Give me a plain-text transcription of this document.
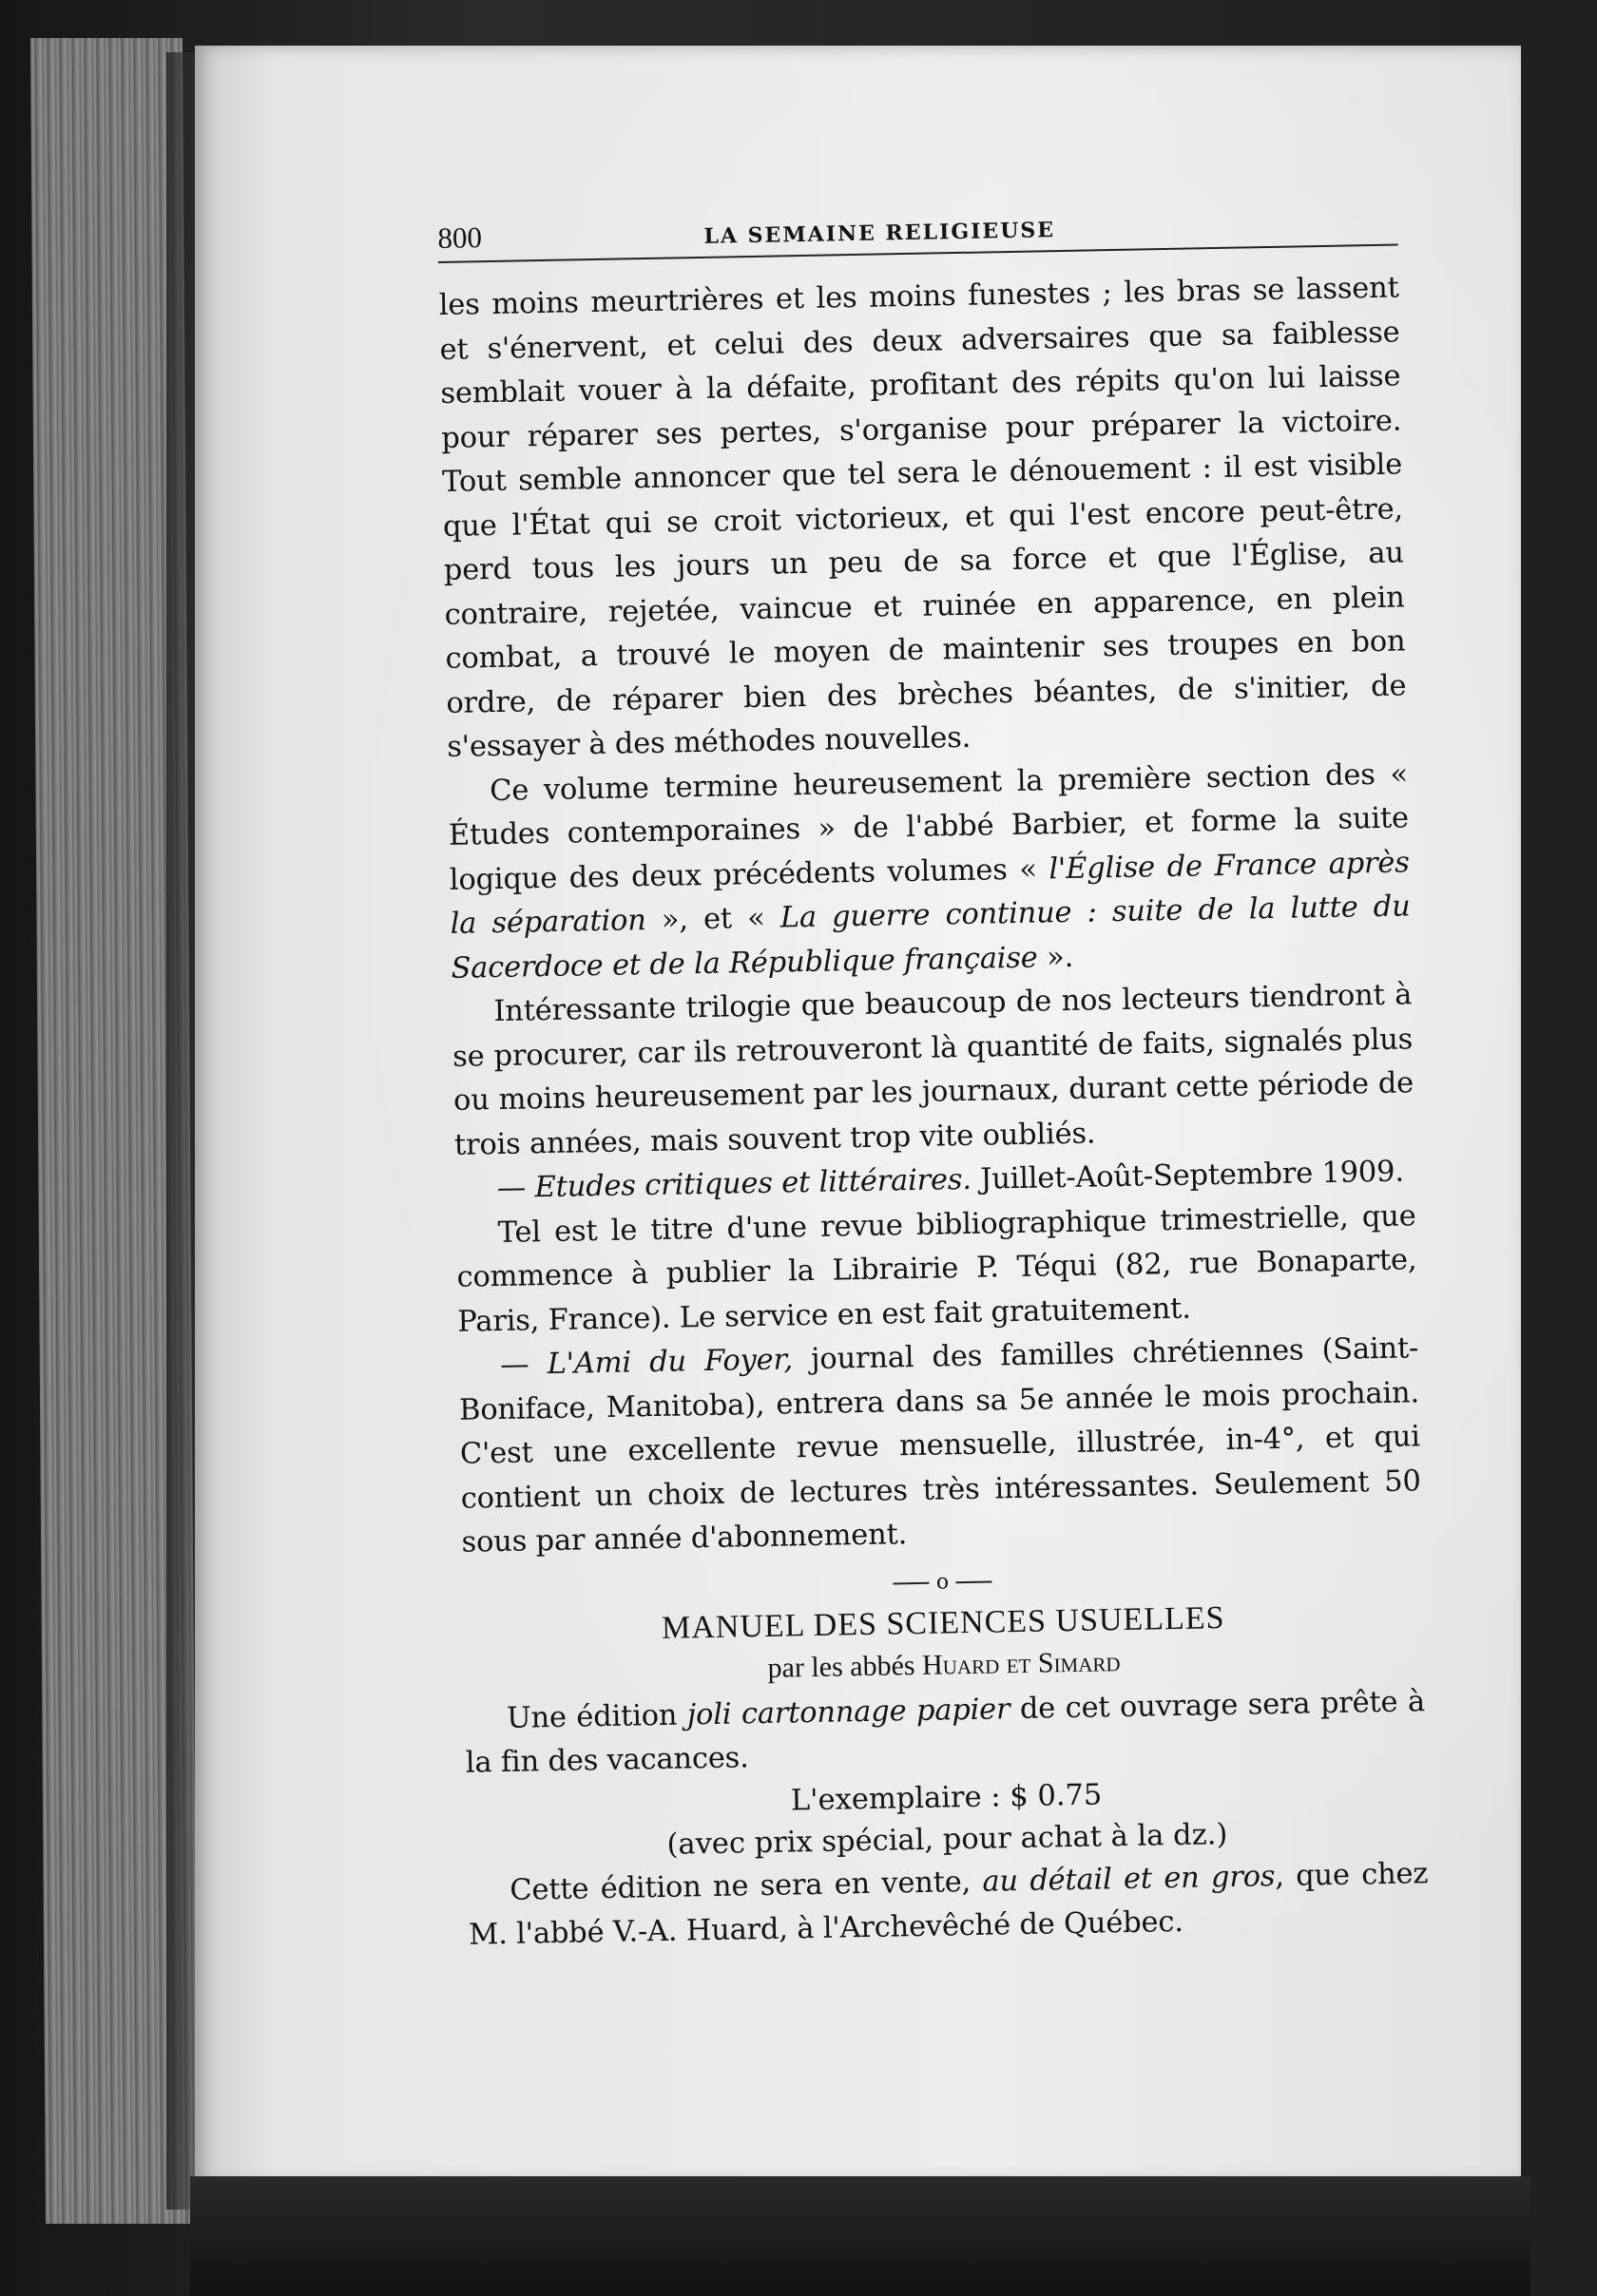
800	LA SEMAINE RELIGIEUSE

les moins meurtrières et les moins funestes ; les bras se lassent et s'énervent, et celui des deux adversaires que sa faiblesse semblait vouer à la défaite, profitant des répits qu'on lui laisse pour réparer ses pertes, s'organise pour préparer la victoire. Tout semble annoncer que tel sera le dénouement : il est visible que l'État qui se croit victorieux, et qui l'est encore peut-être, perd tous les jours un peu de sa force et que l'Église, au contraire, rejetée, vaincue et ruinée en apparence, en plein combat, a trouvé le moyen de maintenir ses troupes en bon ordre, de réparer bien des brèches béantes, de s'initier, de s'essayer à des méthodes nouvelles.

Ce volume termine heureusement la première section des « Études contemporaines » de l'abbé Barbier, et forme la suite logique des deux précédents volumes « l'Église de France après la séparation », et « La guerre continue : suite de la lutte du Sacerdoce et de la République française ».

Intéressante trilogie que beaucoup de nos lecteurs tiendront à se procurer, car ils retrouveront là quantité de faits, signalés plus ou moins heureusement par les journaux, durant cette période de trois années, mais souvent trop vite oubliés.

— Etudes critiques et littéraires. Juillet-Août-Septembre 1909.

Tel est le titre d'une revue bibliographique trimestrielle, que commence à publier la Librairie P. Téqui (82, rue Bonaparte, Paris, France). Le service en est fait gratuitement.

— L'Ami du Foyer, journal des familles chrétiennes (Saint-Boniface, Manitoba), entrera dans sa 5e année le mois prochain. C'est une excellente revue mensuelle, illustrée, in-4°, et qui contient un choix de lectures très intéressantes. Seulement 50 sous par année d'abonnement.

o
MANUEL DES SCIENCES USUELLES
par les abbés Huard et Simard

Une édition joli cartonnage papier de cet ouvrage sera prête à la fin des vacances.

L'exemplaire : $ 0.75
(avec prix spécial, pour achat à la dz.)

Cette édition ne sera en vente, au détail et en gros, que chez M. l'abbé V.-A. Huard, à l'Archevêché de Québec.
